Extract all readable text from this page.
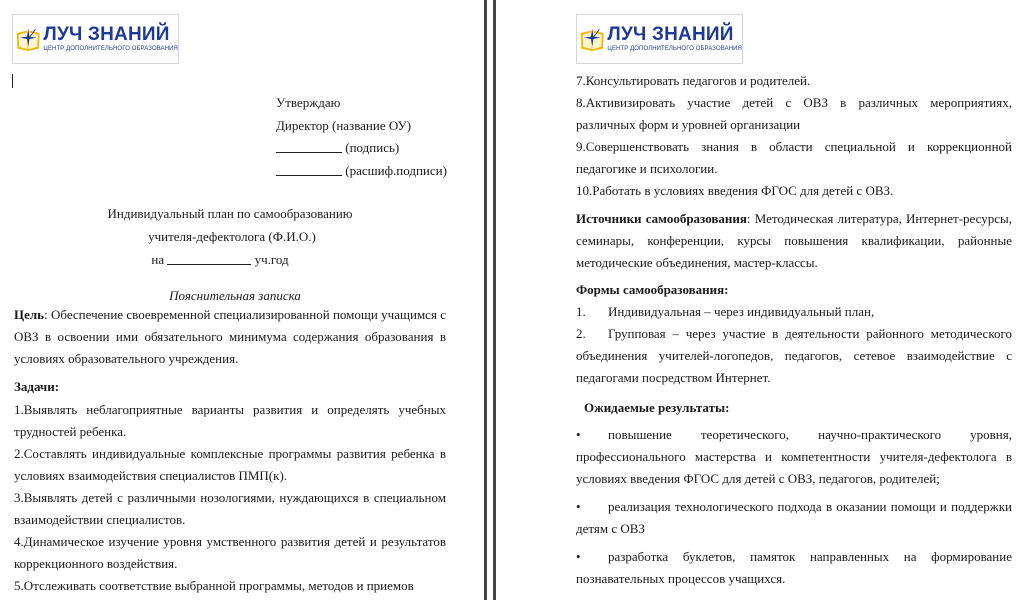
ЛУЧ ЗНАНИЙ
ЦЕНТР ДОПОЛНИТЕЛЬНОГО ОБРАЗОВАНИЯ
Утверждаю
Директор (название ОУ)
(подпись)
(расшиф.подписи)
Индивидуальный план по самообразованию
учителя-дефектолога (Ф.И.О.)
на	уч.год
Пояснительная записка
Цель: Обеспечение своевременной специализированной помощи учащимся с ОВЗ в освоении ими обязательного минимума содержания образования в условиях образовательного учреждения.
Задачи:
1.Выявлять неблагоприятные варианты развития и определять учебных трудностей ребенка.
2.Составлять индивидуальные комплексные программы развития ребенка в условиях взаимодействия специалистов ПМП(к).
3.Выявлять детей с различными нозологиями, нуждающихся в специальном взаимодействии специалистов.
4.Динамическое изучение уровня умственного развития детей и результатов коррекционного воздействия.
5.Отслеживать соответствие выбранной программы, методов и приемов
ЛУЧ ЗНАНИЙ
ЦЕНТР ДОПОЛНИТЕЛЬНОГО ОБРАЗОВАНИЯ
7.Консультировать педагогов и родителей.
8.Активизировать участие детей с ОВЗ в различных мероприятиях, различных форм и уровней организации
9.Совершенствовать знания в области специальной и коррекционной педагогике и психологии.
10.Работать в условиях введения ФГОС для детей с ОВЗ.
Источники самообразования: Методическая литература, Интернет-ресурсы, семинары, конференции, курсы повышения квалификации, районные методические объединения, мастер-классы.
Формы самообразования:
1.	Индивидуальная – через индивидуальный план,
2. Групповая – через участие в деятельности районного методического объединения учителей-логопедов, педагогов, сетевое взаимодействие с педагогами посредством Интернет.
Ожидаемые результаты:
• повышение теоретического, научно-практического уровня, профессионального мастерства и компетентности учителя-дефектолога в условиях введения ФГОС для детей с ОВЗ, педагогов, родителей;
• реализация технологического подхода в оказании помощи и поддержки детям с ОВЗ
• разработка буклетов, памяток направленных на формирование познавательных процессов учащихся.
